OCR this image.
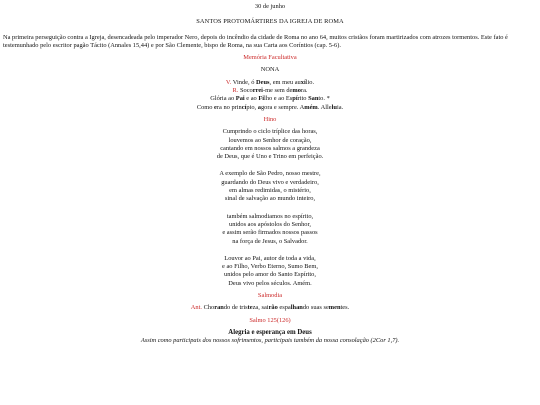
30 de junho
SANTOS PROTOMÁRTIRES DA IGREJA DE ROMA

Na primeira perseguição contra a Igreja, desencadeada pelo imperador Nero, depois do incêndio da cidade de Roma no ano 64, muitos cristãos foram martirizados com atrozes tormentos. Este fato é testemunhado pelo escritor pagão Tácito (Annales 15,44) e por São Clemente, bispo de Roma, na sua Carta aos Coríntios (cap. 5-6).

Memória Facultativa
NONA
V. Vinde, ó Deus, em meu auxílio.
R. Socorrei-me sem demora.
Glória ao Pai e ao Filho e ao Espírito Santo. *
Como era no princípio, agora e sempre. Amém. Alleluia.
Hino
Cumprindo o ciclo tríplice das horas,
louvemos ao Senhor de coração,
cantando em nossos salmos a grandeza
de Deus, que é Uno e Trino em perfeição.
A exemplo de São Pedro, nosso mestre,
guardando do Deus vivo e verdadeiro,
em almas redimidas, o mistério,
sinal de salvação ao mundo inteiro,
também salmodiamos no espírito,
unidos aos apóstolos do Senhor,
e assim serão firmados nossos passos
na força de Jesus, o Salvador.
Louvor ao Pai, autor de toda a vida,
e ao Filho, Verbo Eterno, Sumo Bem,
unidos pelo amor do Santo Espírito,
Deus vivo pelos séculos. Amém.
Salmodia
Ant. Chorando de tristeza, sairão espalhando suas sementes.
Salmo 125(126)
Alegria e esperança em Deus
Assim como participais dos nossos sofrimentos, participais também da nossa consolação (2Cor 1,7).
